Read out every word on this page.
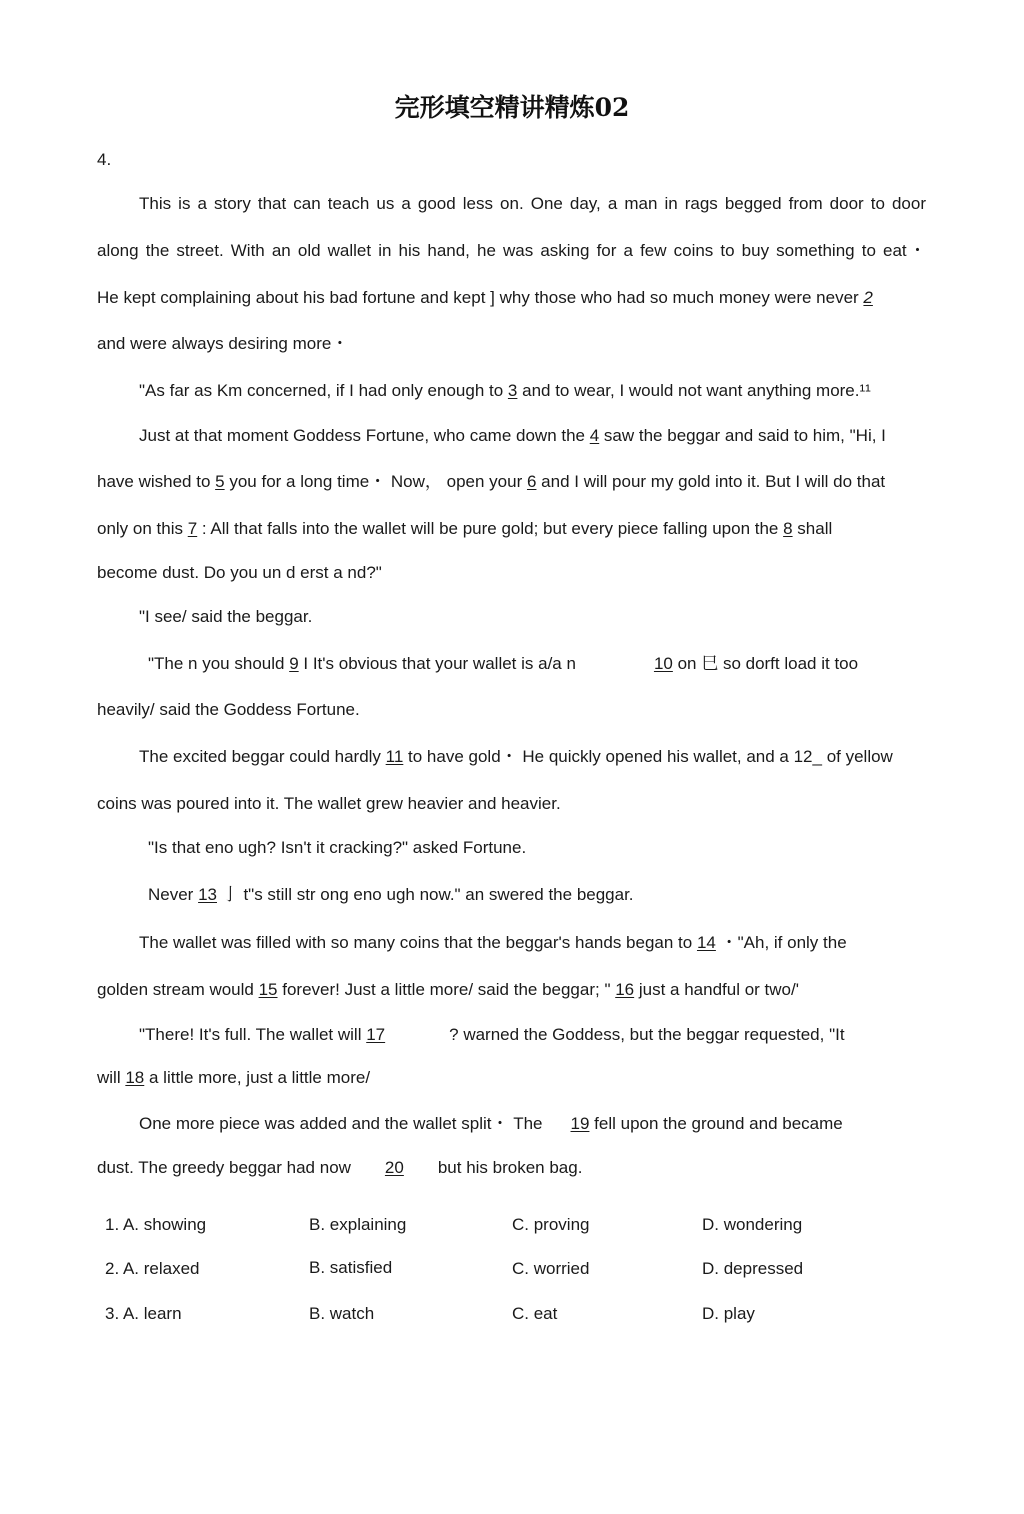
完形填空精讲精炼02
4.
This is a story that can teach us a good less on. One day, a man in rags begged from door to door
along the street. With an old wallet in his hand, he was asking for a few coins to buy something to eat・
He kept complaining about his bad fortune and kept ] why those who had so much money were never 2
and were always desiring more・
"As far as Km concerned, if I had only enough to 3 and to wear, I would not want anything more.¹¹
Just at that moment Goddess Fortune, who came down the 4 saw the beggar and said to him, "Hi, I
have wished to 5 you for a long time・ Now， open your 6 and I will pour my gold into it. But I will do that
only on this 7 : All that falls into the wallet will be pure gold; but every piece falling upon the 8 shall
become dust. Do you un d erst a nd?"
"I see/ said the beggar.
"The n you should 9 I It's obvious that your wallet is a/a n	10 on 巳 so dorft load it too
heavily/ said the Goddess Fortune.
The excited beggar could hardly 11 to have gold・ He quickly opened his wallet, and a 12_ of yellow
coins was poured into it. The wallet grew heavier and heavier.
"Is that eno ugh? Isn't it cracking?" asked Fortune.
Never 13 亅 t"s still str ong eno ugh now." an swered the beggar.
The wallet was filled with so many coins that the beggar's hands began to 14 ・"Ah, if only the
golden stream would 15 forever! Just a little more/ said the beggar; " 16 just a handful or two/'
"There! It's full. The wallet will 17	? warned the Goddess, but the beggar requested, "It
will 18 a little more, just a little more/
One more piece was added and the wallet split・ The 19 fell upon the ground and became
dust. The greedy beggar had now 20 but his broken bag.
1. A. showing	B. explaining	C. proving	D. wondering
2. A. relaxed	B. satisfied	C. worried	D. depressed
3. A. learn	B. watch	C. eat	D. play
